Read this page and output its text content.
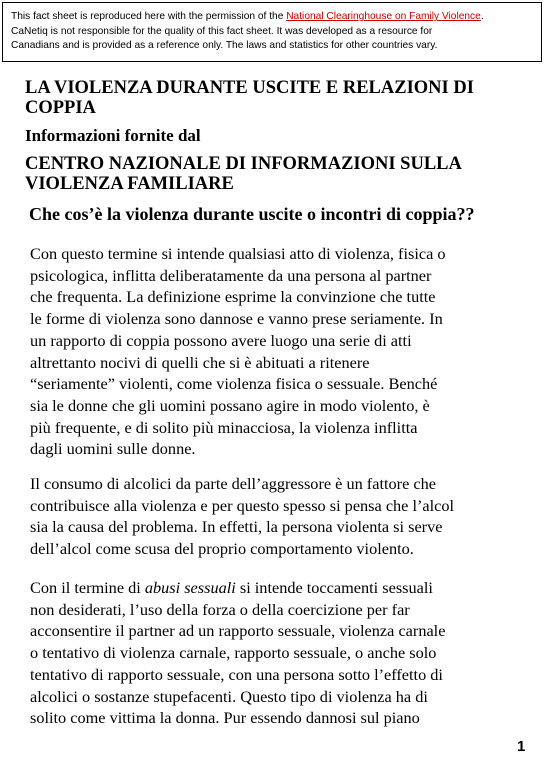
This fact sheet is reproduced here with the permission of the National Clearinghouse on Family Violence.
CaNetiq is not responsible for the quality of this fact sheet. It was developed as a resource for
Canadians and is provided as a reference only. The laws and statistics for other countries vary.
LA VIOLENZA DURANTE USCITE E RELAZIONI DI
COPPIA
Informazioni fornite dal
CENTRO NAZIONALE DI INFORMAZIONI SULLA
VIOLENZA FAMILIARE
Che cos’è la violenza durante uscite o incontri di coppia??
Con questo termine si intende qualsiasi atto di violenza, fisica o
psicologica, inflitta deliberatamente da una persona al partner
che frequenta. La definizione esprime la convinzione che tutte
le forme di violenza sono dannose e vanno prese seriamente. In
un rapporto di coppia possono avere luogo una serie di atti
altrettanto nocivi di quelli che si è abituati a ritenere
“seriamente” violenti, come violenza fisica o sessuale. Benché
sia le donne che gli uomini possano agire in modo violento, è
più frequente, e di solito più minacciosa, la violenza inflitta
dagli uomini sulle donne.
Il consumo di alcolici da parte dell’aggressore è un fattore che
contribuisce alla violenza e per questo spesso si pensa che l’alcol
sia la causa del problema. In effetti, la persona violenta si serve
dell’alcol come scusa del proprio comportamento violento.
Con il termine di abusi sessuali si intende toccamenti sessuali
non desiderati, l’uso della forza o della coercizione per far
acconsentire il partner ad un rapporto sessuale, violenza carnale
o tentativo di violenza carnale, rapporto sessuale, o anche solo
tentativo di rapporto sessuale, con una persona sotto l’effetto di
alcolici o sostanze stupefacenti. Questo tipo di violenza ha di
solito come vittima la donna. Pur essendo dannosi sul piano
1
